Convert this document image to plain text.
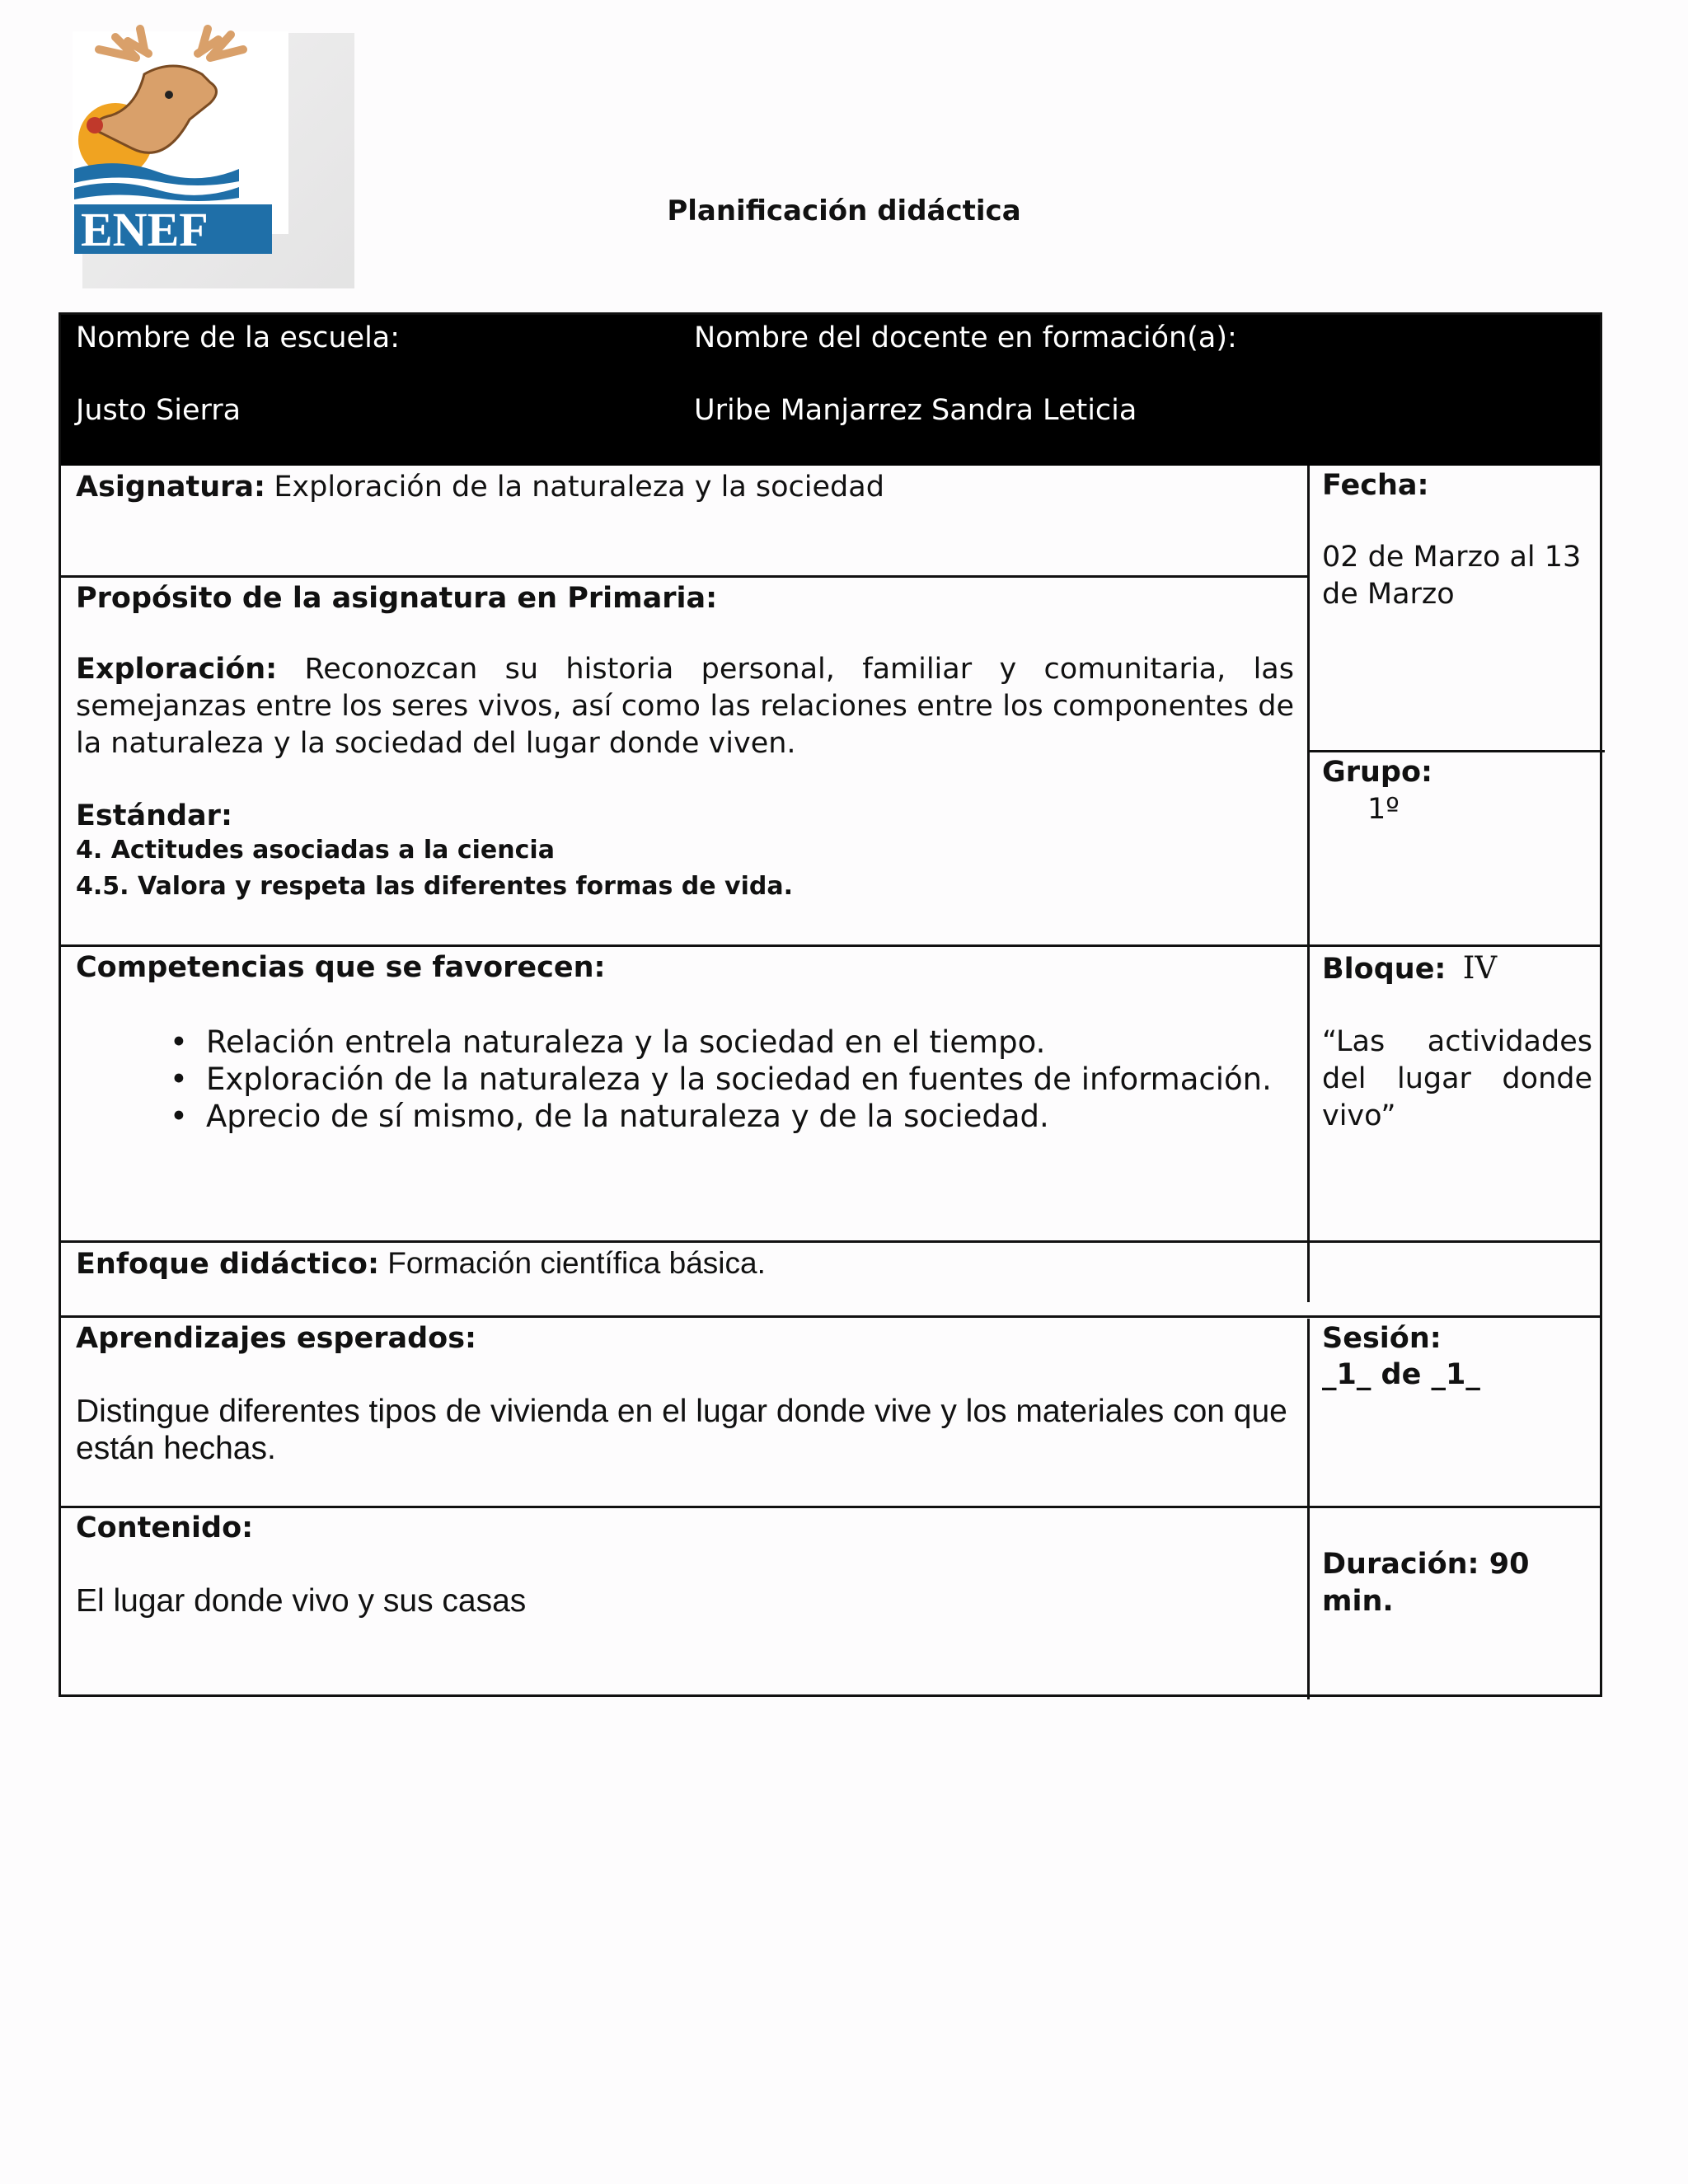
ENEF	Planificación didáctica
Nombre de la escuela:
Justo Sierra
Nombre del docente en formación(a):
Uribe Manjarrez Sandra Leticia
Asignatura: Exploración de la naturaleza y la sociedad	Fecha:
02 de Marzo al 13 de Marzo
Propósito de la asignatura en Primaria:
Exploración: Reconozcan su historia personal, familiar y comunitaria, las semejanzas entre los seres vivos, así como las relaciones entre los componentes de la naturaleza y la sociedad del lugar donde viven.
Estándar:
4. Actitudes asociadas a la ciencia
4.5. Valora y respeta las diferentes formas de vida.
Grupo:
1º
Competencias que se favorecen:
• Relación entrela naturaleza y la sociedad en el tiempo.
• Exploración de la naturaleza y la sociedad en fuentes de información.
• Aprecio de sí mismo, de la naturaleza y de la sociedad.
Bloque: IV
“Las actividades del lugar donde vivo”
Enfoque didáctico: Formación científica básica.
Aprendizajes esperados:
Distingue diferentes tipos de vivienda en el lugar donde vive y los materiales con que están hechas.
Sesión:
_1_ de _1_
Contenido:
El lugar donde vivo y sus casas
Duración: 90 min.
